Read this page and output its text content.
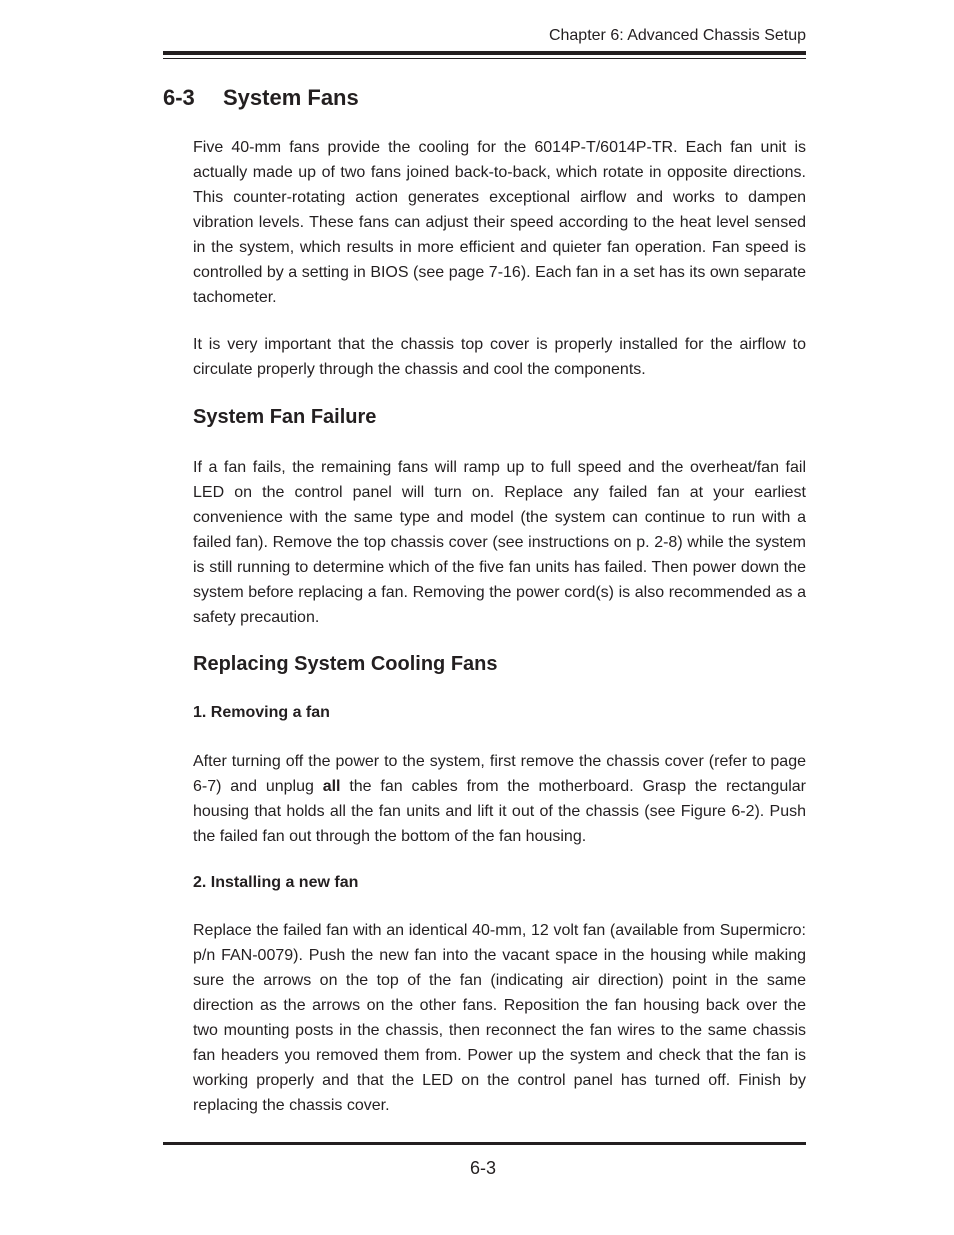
Chapter 6: Advanced Chassis Setup
6-3 System Fans

Five 40-mm fans provide the cooling for the 6014P-T/6014P-TR. Each fan unit is actually made up of two fans joined back-to-back, which rotate in opposite directions. This counter-rotating action generates exceptional airflow and works to dampen vibration levels. These fans can adjust their speed according to the heat level sensed in the system, which results in more efficient and quieter fan operation. Fan speed is controlled by a setting in BIOS (see page 7-16). Each fan in a set has its own separate tachometer.

It is very important that the chassis top cover is properly installed for the airflow to circulate properly through the chassis and cool the components.

System Fan Failure

If a fan fails, the remaining fans will ramp up to full speed and the overheat/fan fail LED on the control panel will turn on. Replace any failed fan at your earliest convenience with the same type and model (the system can continue to run with a failed fan). Remove the top chassis cover (see instructions on p. 2-8) while the system is still running to determine which of the five fan units has failed. Then power down the system before replacing a fan. Removing the power cord(s) is also recommended as a safety precaution.

Replacing System Cooling Fans
1. Removing a fan

After turning off the power to the system, first remove the chassis cover (refer to page 6-7) and unplug all the fan cables from the motherboard. Grasp the rectangular housing that holds all the fan units and lift it out of the chassis (see Figure 6-2). Push the failed fan out through the bottom of the fan housing.

2. Installing a new fan

Replace the failed fan with an identical 40-mm, 12 volt fan (available from Supermicro: p/n FAN-0079). Push the new fan into the vacant space in the housing while making sure the arrows on the top of the fan (indicating air direction) point in the same direction as the arrows on the other fans. Reposition the fan housing back over the two mounting posts in the chassis, then reconnect the fan wires to the same chassis fan headers you removed them from. Power up the system and check that the fan is working properly and that the LED on the control panel has turned off. Finish by replacing the chassis cover.

6-3
